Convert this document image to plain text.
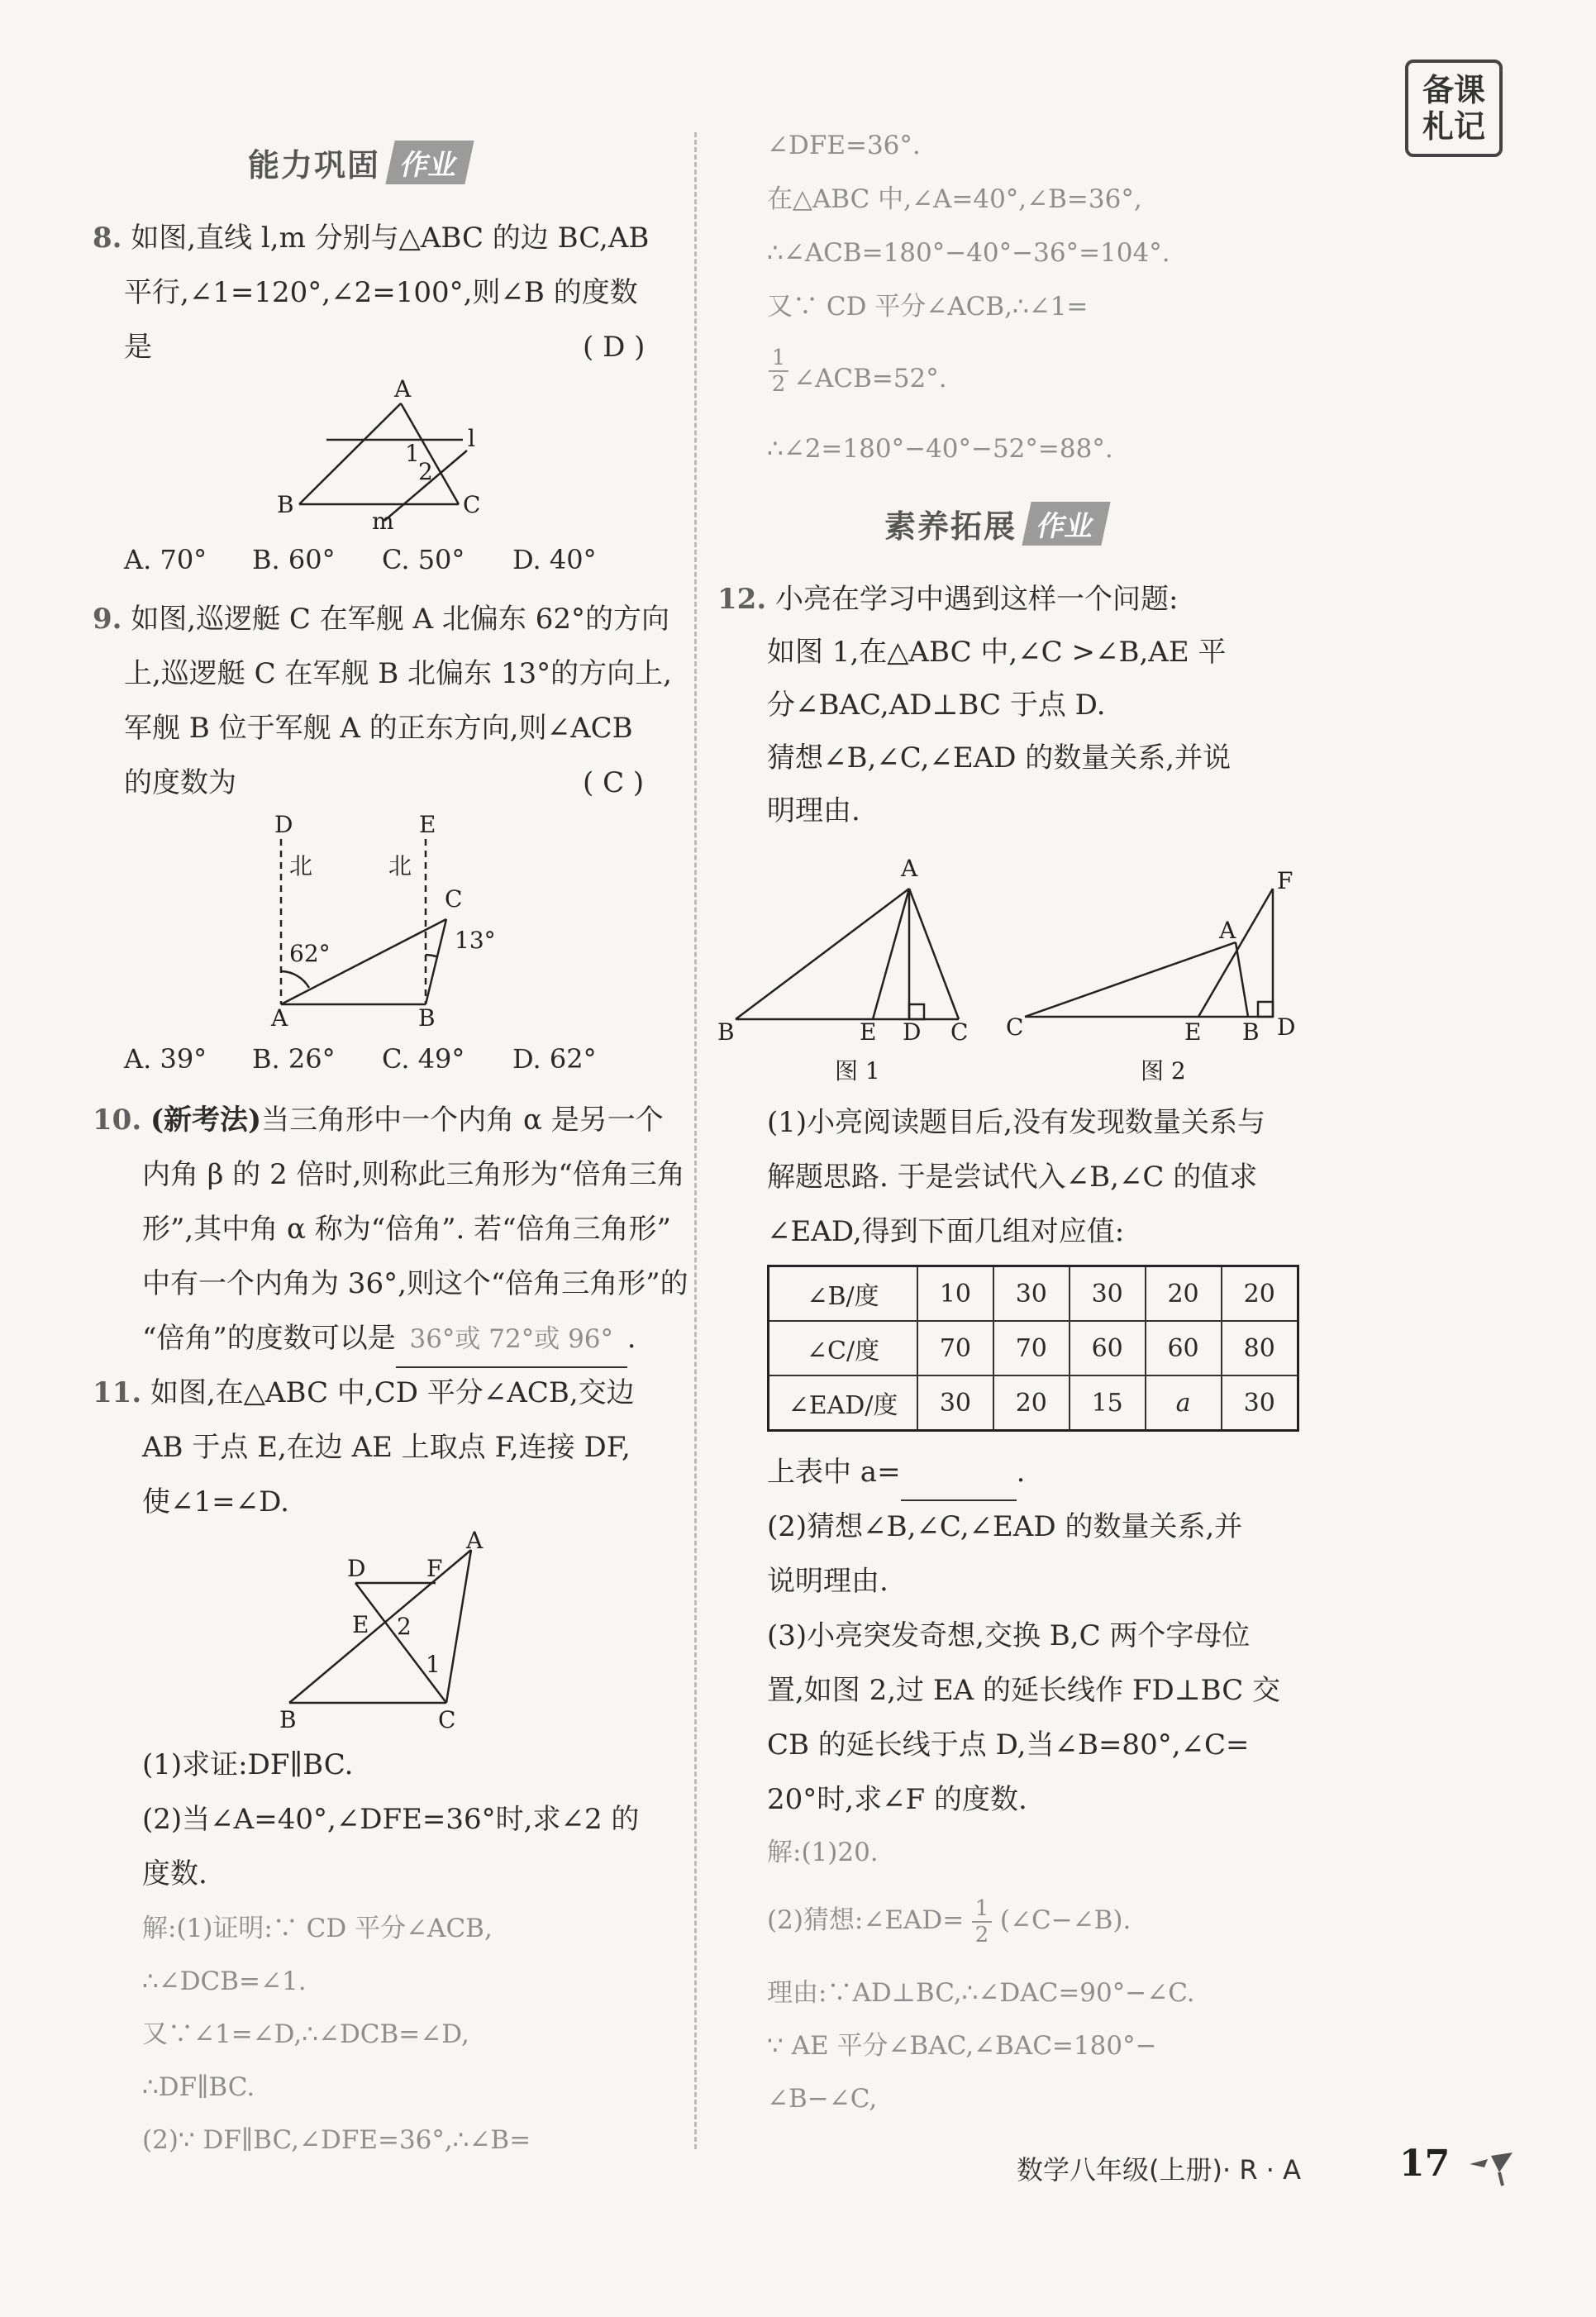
备课札记
能力巩固 作业
8. 如图,直线 l,m 分别与△ABC 的边 BC,AB
平行,∠1=120°,∠2=100°,则∠B 的度数
是	( D )
A
B	C
l
m
1
2
A. 70° B. 60° C. 50° D. 40°
9. 如图,巡逻艇 C 在军舰 A 北偏东 62°的方向
上,巡逻艇 C 在军舰 B 北偏东 13°的方向上,
军舰 B 位于军舰 A 的正东方向,则∠ACB
的度数为	( C )
D	E
北	北
C
62°	13°
A	B
A. 39° B. 26° C. 49° D. 62°
10. (新考法)当三角形中一个内角 α 是另一个
内角 β 的 2 倍时,则称此三角形为“倍角三角
形”,其中角 α 称为“倍角”. 若“倍角三角形”
中有一个内角为 36°,则这个“倍角三角形”的
“倍角”的度数可以是 36°或 72°或 96° .
11. 如图,在△ABC 中,CD 平分∠ACB,交边
AB 于点 E,在边 AE 上取点 F,连接 DF,
使∠1=∠D.
D	F
A
E 2
1
B	C
(1)求证:DF∥BC.
(2)当∠A=40°,∠DFE=36°时,求∠2 的
度数.
解:(1)证明:∵ CD 平分∠ACB,
∴∠DCB=∠1.
又∵∠1=∠D,∴∠DCB=∠D,
∴DF∥BC.
(2)∵ DF∥BC,∠DFE=36°,∴∠B=
∠DFE=36°.
在△ABC 中,∠A=40°,∠B=36°,
∴∠ACB=180°−40°−36°=104°.
又∵ CD 平分∠ACB,∴∠1=
$\frac{1}{2}$ ∠ACB=52°.
∴∠2=180°−40°−52°=88°.
素养拓展 作业
12. 小亮在学习中遇到这样一个问题:
如图 1,在△ABC 中,∠C >∠B,AE 平
分∠BAC,AD⊥BC 于点 D.
猜想∠B,∠C,∠EAD 的数量关系,并说
明理由.
A
B	E D C
图 1
F
A
C	E B D
图 2
(1)小亮阅读题目后,没有发现数量关系与
解题思路. 于是尝试代入∠B,∠C 的值求
∠EAD,得到下面几组对应值:
∠B/度	10	30	30	20	20
∠C/度	70	70	60	60	80
∠EAD/度	30	20	15	a	30
上表中 a=	.
(2)猜想∠B,∠C,∠EAD 的数量关系,并
说明理由.
(3)小亮突发奇想,交换 B,C 两个字母位
置,如图 2,过 EA 的延长线作 FD⊥BC 交
CB 的延长线于点 D,当∠B=80°,∠C=
20°时,求∠F 的度数.
解:(1)20.
(2)猜想:∠EAD= $\frac{1}{2}$ (∠C−∠B).
理由:∵AD⊥BC,∴∠DAC=90°−∠C.
∵ AE 平分∠BAC,∠BAC=180°−
∠B−∠C,
数学八年级(上册)· R · A	17
